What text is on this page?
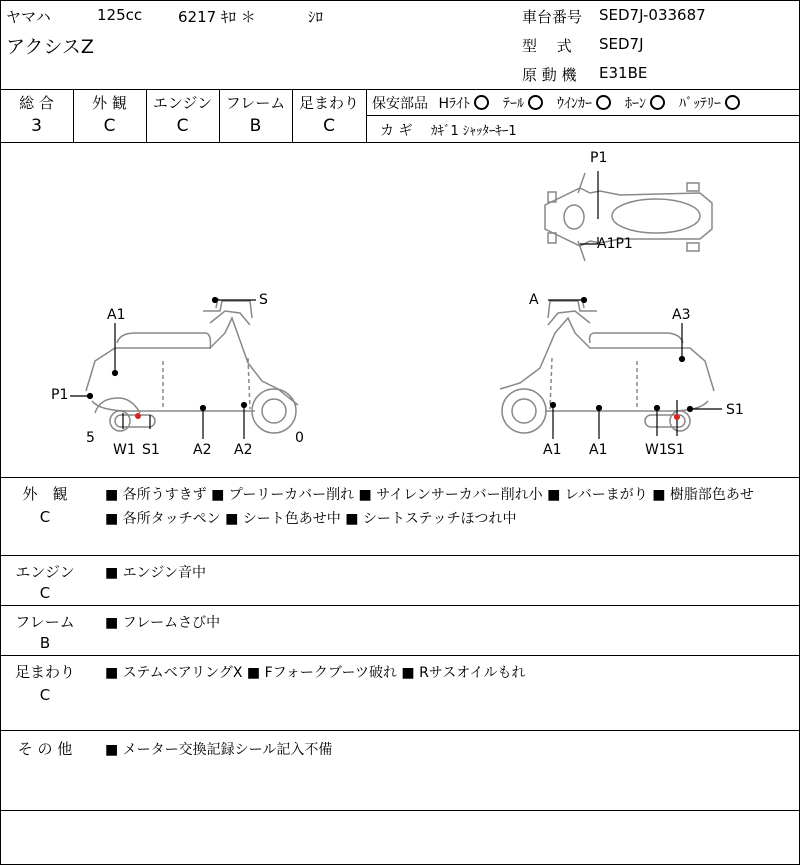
ヤマハ	125cc 6217 ｷﾛ ＊	ｼﾛ
アクシスZ
車台番号 SED7J-033687
型　 式 SED7J
原 動 機 E31BE
総 合	外 観	エンジン フレーム 足まわり
3	C	C	B	C
保安部品 Hﾗｲﾄ ﾃｰﾙ ｳｲﾝｶｰ ﾎｰﾝ ﾊﾞｯﾃﾘｰ
カ ギ ｶｷﾞ1 ｼｬｯﾀｰｷｰ1
P1
A1P1
S
A1
P1
5
W1 S1 A2 A2
0
A
A3
A1 A1	W1 S1
S1
外　観
C
■ 各所うすきず ■ プーリーカバー削れ ■ サイレンサーカバー削れ小 ■ レバーまがり ■ 樹脂部色あせ
■ 各所タッチペン ■ シート色あせ中 ■ シートステッチほつれ中
エンジン
C
■ エンジン音中
フレーム
B
■ フレームさび中
足まわり
C
■ ステムベアリングX ■ Fフォークブーツ破れ ■ Rサスオイルもれ
そ の 他	■ メーター交換記録シール記入不備
